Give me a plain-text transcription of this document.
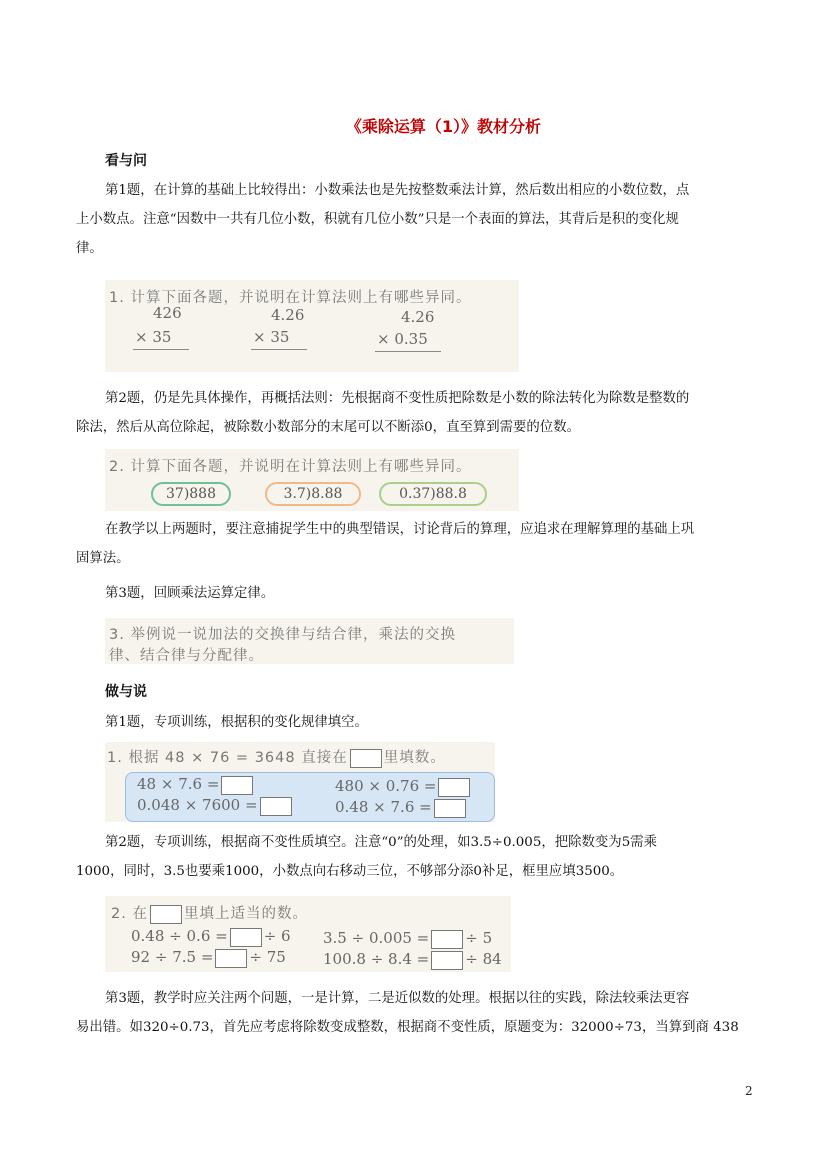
《乘除运算（1）》教材分析
看与问
第1题，在计算的基础上比较得出：小数乘法也是先按整数乘法计算，然后数出相应的小数位数，点
上小数点。注意“因数中一共有几位小数，积就有几位小数”只是一个表面的算法，其背后是积的变化规
律。
1. 计算下面各题，并说明在计算法则上有哪些异同。
426
× 35
4.26
× 35
4.26
× 0.35
第2题，仍是先具体操作，再概括法则：先根据商不变性质把除数是小数的除法转化为除数是整数的
除法，然后从高位除起，被除数小数部分的末尾可以不断添0，直至算到需要的位数。
2. 计算下面各题，并说明在计算法则上有哪些异同。
37)888	3.7)8.88	0.37)88.8
在教学以上两题时，要注意捕捉学生中的典型错误，讨论背后的算理，应追求在理解算理的基础上巩
固算法。
第3题，回顾乘法运算定律。
3. 举例说一说加法的交换律与结合律，乘法的交换
律、结合律与分配律。
做与说
第1题，专项训练，根据积的变化规律填空。
1. 根据 48 × 76 = 3648 直接在 里填数。
48 × 7.6 =	480 × 0.76 =
0.048 × 7600 =	0.48 × 7.6 =
第2题，专项训练，根据商不变性质填空。注意“0”的处理，如3.5÷0.005，把除数变为5需乘
1000，同时，3.5也要乘1000，小数点向右移动三位，不够部分添0补足，框里应填3500。
2. 在 里填上适当的数。
0.48 ÷ 0.6 = ÷ 6 3.5 ÷ 0.005 = ÷ 5
92 ÷ 7.5 = ÷ 75 100.8 ÷ 8.4 = ÷ 84
第3题，教学时应关注两个问题，一是计算，二是近似数的处理。根据以往的实践，除法较乘法更容
易出错。如320÷0.73，首先应考虑将除数变成整数，根据商不变性质，原题变为：32000÷73，当算到商 438
2
